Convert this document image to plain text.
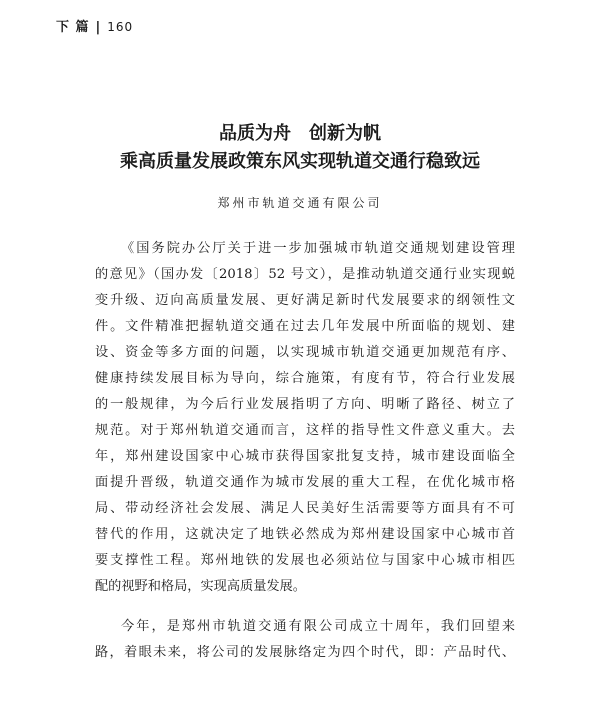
下 篇 | 160
品质为舟 创新为帆
乘高质量发展政策东风实现轨道交通行稳致远
郑州市轨道交通有限公司
《国务院办公厅关于进一步加强城市轨道交通规划建设管理
的意见》（国办发〔2018〕52 号文），是推动轨道交通行业实现蜕
变升级、迈向高质量发展、更好满足新时代发展要求的纲领性文
件。文件精准把握轨道交通在过去几年发展中所面临的规划、建
设、资金等多方面的问题，以实现城市轨道交通更加规范有序、
健康持续发展目标为导向，综合施策，有度有节，符合行业发展
的一般规律，为今后行业发展指明了方向、明晰了路径、树立了
规范。对于郑州轨道交通而言，这样的指导性文件意义重大。去
年，郑州建设国家中心城市获得国家批复支持，城市建设面临全
面提升晋级，轨道交通作为城市发展的重大工程，在优化城市格
局、带动经济社会发展、满足人民美好生活需要等方面具有不可
替代的作用，这就决定了地铁必然成为郑州建设国家中心城市首
要支撑性工程。郑州地铁的发展也必须站位与国家中心城市相匹
配的视野和格局，实现高质量发展。
今年，是郑州市轨道交通有限公司成立十周年，我们回望来
路，着眼未来，将公司的发展脉络定为四个时代，即：产品时代、
